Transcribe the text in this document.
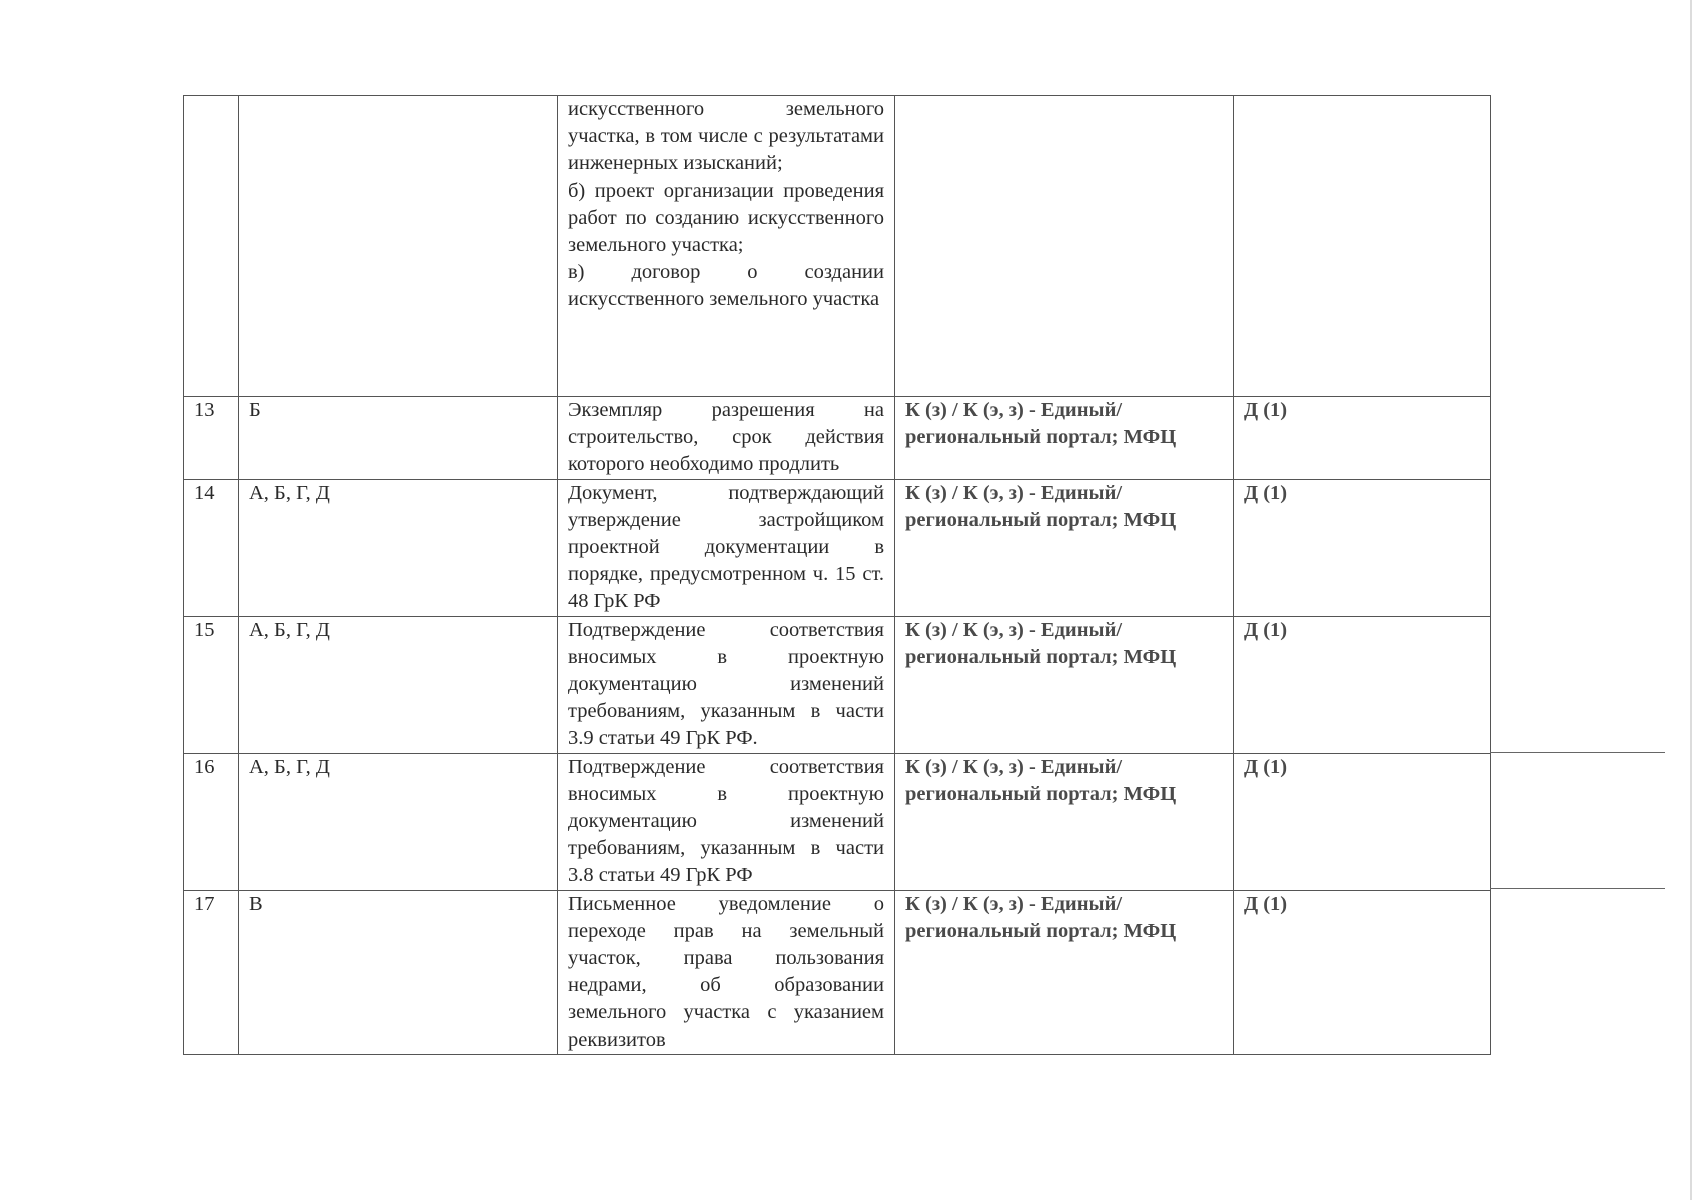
		искусственного земельного участка, в том числе с результатами инженерных изысканий;
б) проект организации проведения работ по созданию искусственного земельного участка;
в) договор о создании искусственного земельного участка		

13	Б	Экземпляр разрешения на строительство, срок действия которого необходимо продлить	К (з) / К (э, з) - Единый/региональный портал; МФЦ	Д (1)
14	А, Б, Г, Д	Документ, подтверждающий утверждение застройщиком проектной документации в порядке, предусмотренном ч. 15 ст. 48 ГрК РФ	К (з) / К (э, з) - Единый/региональный портал; МФЦ	Д (1)
15	А, Б, Г, Д	Подтверждение соответствия вносимых в проектную документацию изменений требованиям, указанным в части 3.9 статьи 49 ГрК РФ.	К (з) / К (э, з) - Единый/региональный портал; МФЦ	Д (1)
16	А, Б, Г, Д	Подтверждение соответствия вносимых в проектную документацию изменений требованиям, указанным в части 3.8 статьи 49 ГрК РФ	К (з) / К (э, з) - Единый/региональный портал; МФЦ	Д (1)
17	В	Письменное уведомление о переходе прав на земельный участок, права пользования недрами, об образовании земельного участка с указанием реквизитов	К (з) / К (э, з) - Единый/региональный портал; МФЦ	Д (1)
